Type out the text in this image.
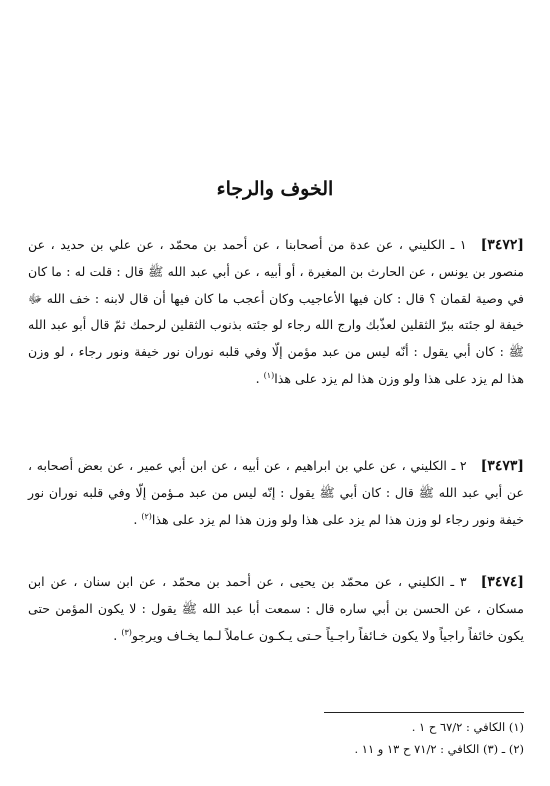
الخوف والرجاء
[٣٤٧٢]١ ـ الكليني ، عن عدة من أصحابنا ، عن أحمد بن محمّد ، عن علي بن حديد ، عن منصور بن يونس ، عن الحارث بن المغيرة ، أو أبيه ، عن أبي عبد الله ﷺ قال : قلت له : ما كان في وصية لقمان ؟ قال : كان فيها الأعاجيب وكان أعجب ما كان فيها أن قال لابنه : خف الله ﷻ خيفة لو جئته ببرّ الثقلين لعذّبك وارج الله رجاء لو جئته بذنوب الثقلين لرحمك ثمّ قال أبو عبد الله ﷺ : كان أبي يقول : أنّه ليس من عبد مؤمن إلّا وفي قلبه نوران نور خيفة ونور رجاء ، لو وزن هذا لم يزد على هذا ولو وزن هذا لم يزد على هذا$^{(١)}$ .
[٣٤٧٣]٢ ـ الكليني ، عن علي بن ابراهيم ، عن أبيه ، عن ابن أبي عمير ، عن بعض أصحابه ، عن أبي عبد الله ﷺ قال : كان أبي ﷺ يقول : إنّه ليس من عبد مـؤمن إلّا وفي قلبه نوران نور خيفة ونور رجاء لو وزن هذا لم يزد على هذا ولو وزن هذا لم يزد على هذا$^{(٢)}$ .
[٣٤٧٤]٣ ـ الكليني ، عن محمّد بن يحيى ، عن أحمد بن محمّد ، عن ابن سنان ، عن ابن مسكان ، عن الحسن بن أبي ساره قال : سمعت أبا عبد الله ﷺ يقول : لا يكون المؤمن حتى يكون خائفاً راجياً ولا يكون خـائفاً راجـياً حـتى يـكـون عـاملاً لـما يخـاف ويرجو$^{(٣)}$ .
(١) الكافي : ٦٧/٢ ح ١ .
(٢) ـ (٣) الكافي : ٧١/٢ ح ١٣ و ١١ .
